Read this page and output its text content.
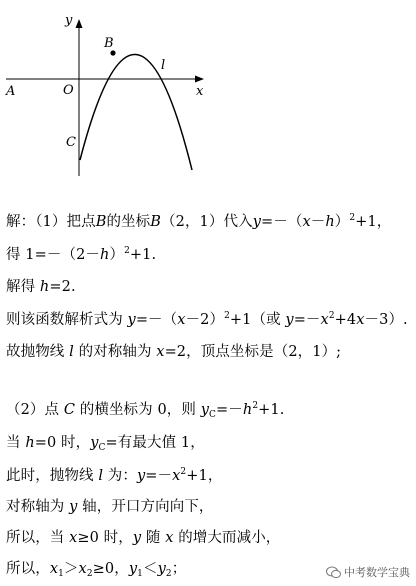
y
x
B
l
A	O
C
解：（1）把点B的坐标B（2，1）代入$y=-(x-h)^2+1$，
得 $1=-(2-h)^2+1$.
解得 h=2.
则该函数解析式为 $y=-(x-2)^2+1$（或 $y=-x^2+4x-3$）.
故抛物线 l 的对称轴为 x=2，顶点坐标是（2，1）;
（2）点 C 的横坐标为 0，则 $y_C=-h^2+1$.
当 h=0 时，$y_C=$有最大值 1，
此时，抛物线 l 为：$y=-x^2+1$，
对称轴为 y 轴，开口方向向下，
所以，当 x≥0 时，y 随 x 的增大而减小，
所以，$x_1>x_2\ge 0$，$y_1<y_2$；	中考数学宝典
